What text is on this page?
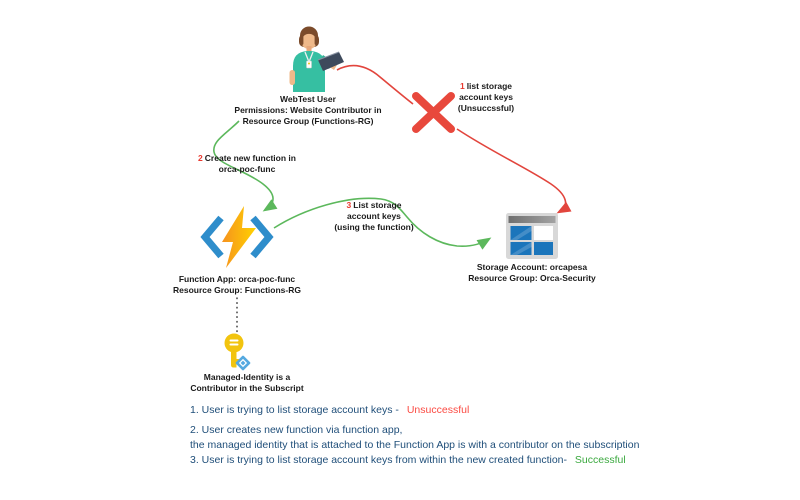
WebTest User
Permissions: Website Contributor in
Resource Group (Functions-RG)
1 list storage
account keys
(Unsuccssful)
2 Create new function in
orca-poc-func
3 List storage
account keys
(using the function)
Function App: orca-poc-func
Resource Group: Functions-RG
Storage Account: orcapesa
Resource Group: Orca-Security
Managed-Identity is a
Contributor in the Subscript
1. User is trying to list storage account keys - Unsuccessful
2. User creates new function via function app,
the managed identity that is attached to the Function App is with a contributor on the subscription
3. User is trying to list storage account keys from within the new created function- Successful
